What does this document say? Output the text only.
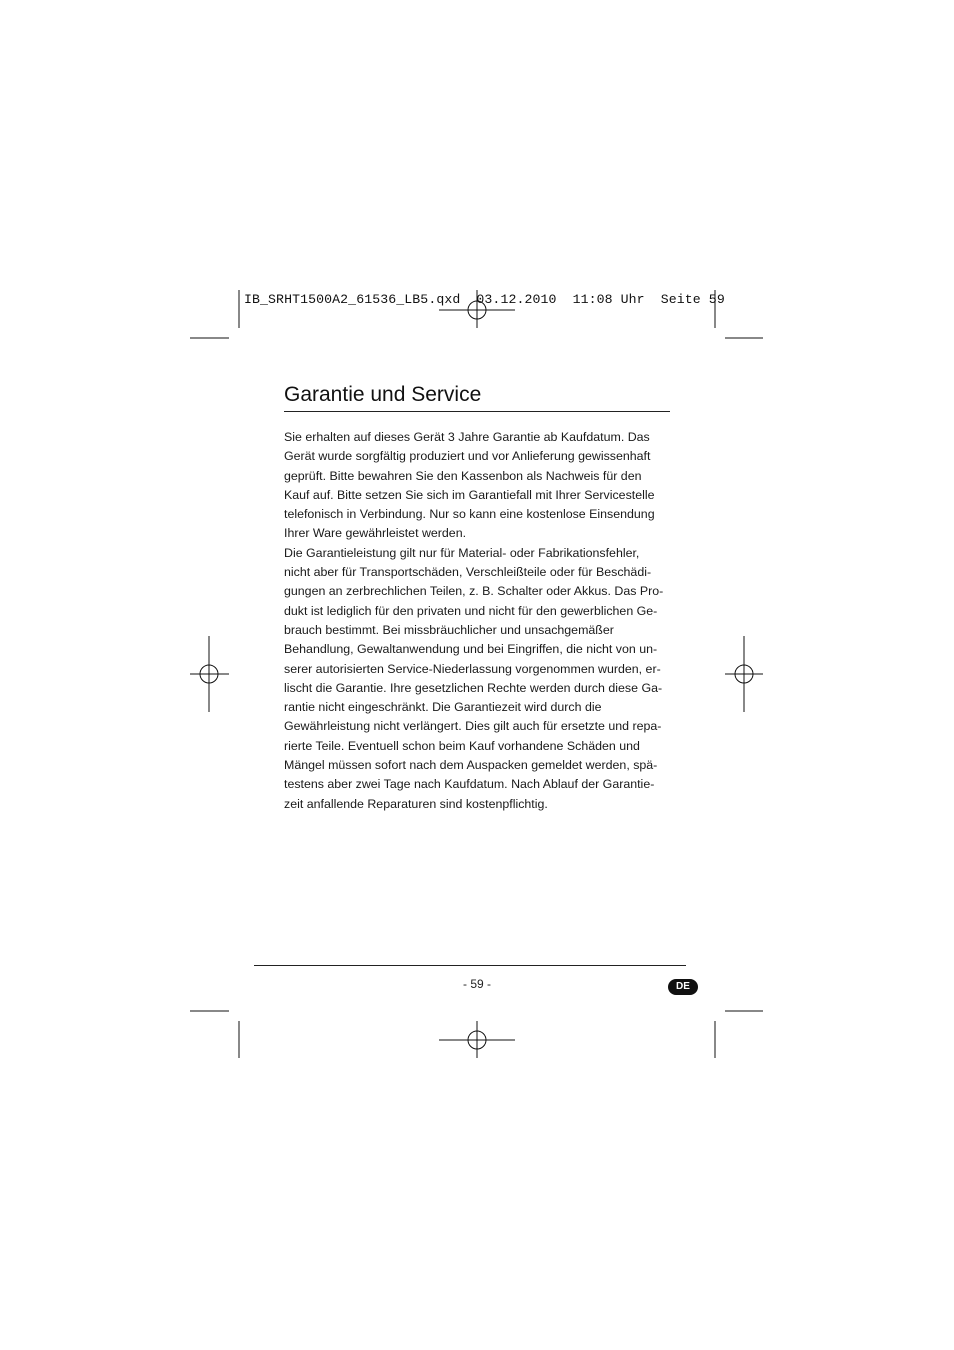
IB_SRHT1500A2_61536_LB5.qxd  03.12.2010  11:08 Uhr  Seite 59
Garantie und Service
Sie erhalten auf dieses Gerät 3 Jahre Garantie ab Kaufdatum. Das
Gerät wurde sorgfältig produziert und vor Anlieferung gewissenhaft
geprüft. Bitte bewahren Sie den Kassenbon als Nachweis für den
Kauf auf. Bitte setzen Sie sich im Garantiefall mit Ihrer Servicestelle
telefonisch in Verbindung. Nur so kann eine kostenlose Einsendung
Ihrer Ware gewährleistet werden.
Die Garantieleistung gilt nur für Material- oder Fabrikationsfehler,
nicht aber für Transportschäden, Verschleißteile oder für Beschädi-
gungen an zerbrechlichen Teilen, z. B. Schalter oder Akkus. Das Pro-
dukt ist lediglich für den privaten und nicht für den gewerblichen Ge-
brauch bestimmt. Bei missbräuchlicher und unsachgemäßer
Behandlung, Gewaltanwendung und bei Eingriffen, die nicht von un-
serer autorisierten Service-Niederlassung vorgenommen wurden, er-
lischt die Garantie. Ihre gesetzlichen Rechte werden durch diese Ga-
rantie nicht eingeschränkt. Die Garantiezeit wird durch die
Gewährleistung nicht verlängert. Dies gilt auch für ersetzte und repa-
rierte Teile. Eventuell schon beim Kauf vorhandene Schäden und
Mängel müssen sofort nach dem Auspacken gemeldet werden, spä-
testens aber zwei Tage nach Kaufdatum. Nach Ablauf der Garantie-
zeit anfallende Reparaturen sind kostenpflichtig.
- 59 -	DE
